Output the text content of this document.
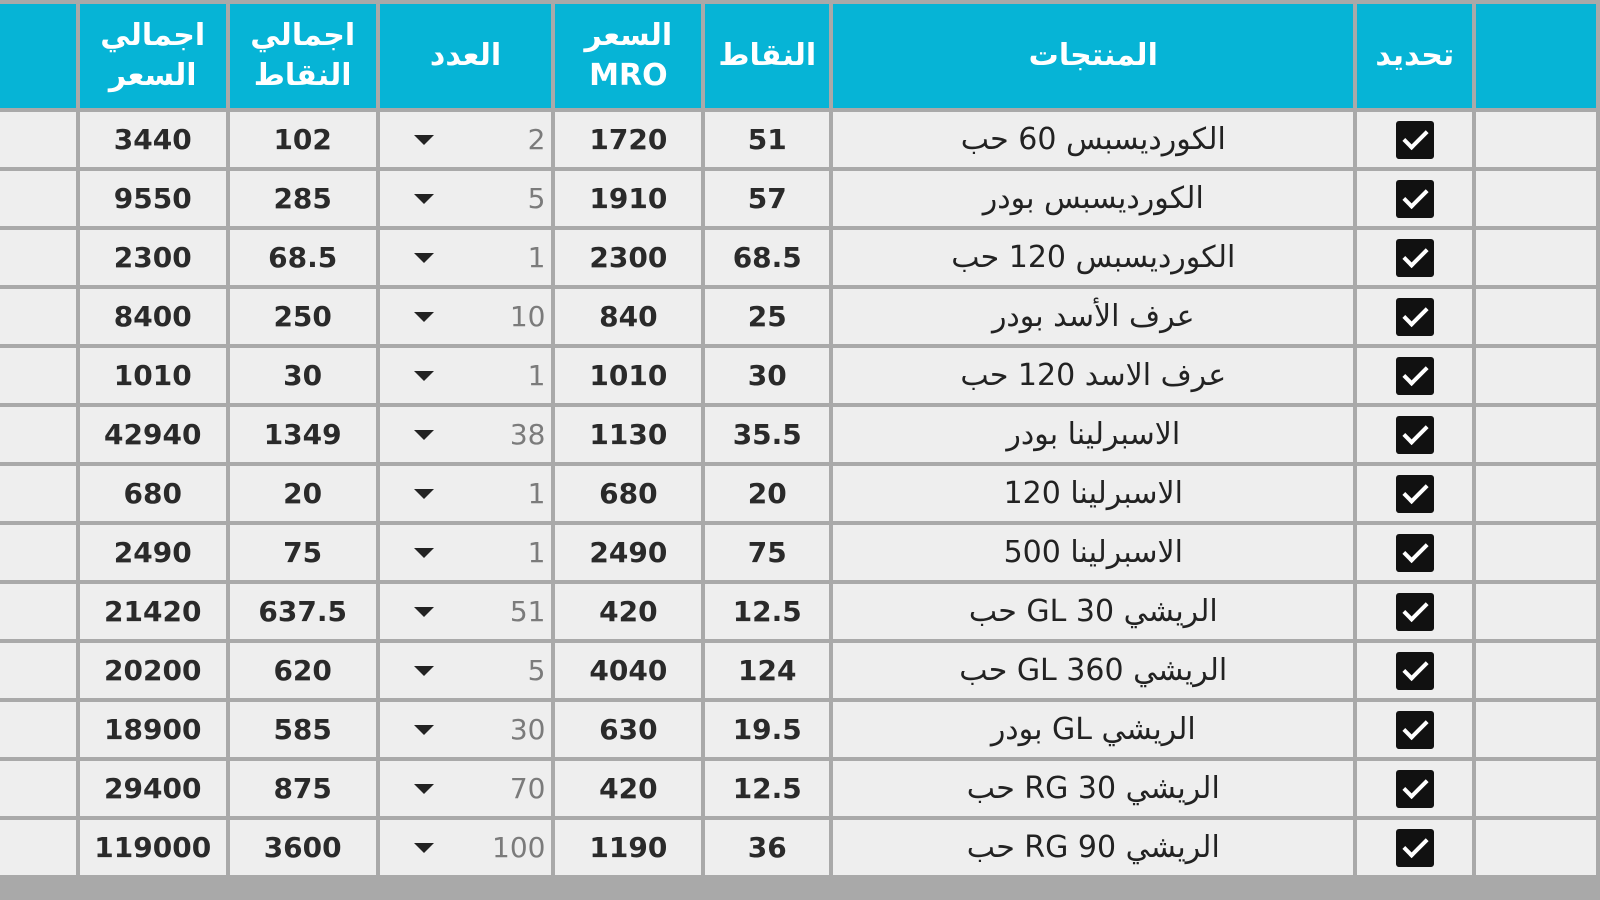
	اجمالي السعر	اجمالي النقاط	العدد	السعر MRO	النقاط	المنتجات	تحديد	

	3440	102	2	1720	51	الكورديسبس 60 حب		
	9550	285	5	1910	57	الكورديسبس بودر		
	2300	68.5	1	2300	68.5	الكورديسبس 120 حب		
	8400	250	10	840	25	عرف الأسد بودر		
	1010	30	1	1010	30	عرف الاسد 120 حب		
	42940	1349	38	1130	35.5	الاسبرلينا بودر		
	680	20	1	680	20	الاسبرلينا 120		
	2490	75	1	2490	75	الاسبرلينا 500		
	21420	637.5	51	420	12.5	الريشي GL 30 حب		
	20200	620	5	4040	124	الريشي GL 360 حب		
	18900	585	30	630	19.5	الريشي GL بودر		
	29400	875	70	420	12.5	الريشي RG 30 حب		
	119000	3600	100	1190	36	الريشي RG 90 حب		
